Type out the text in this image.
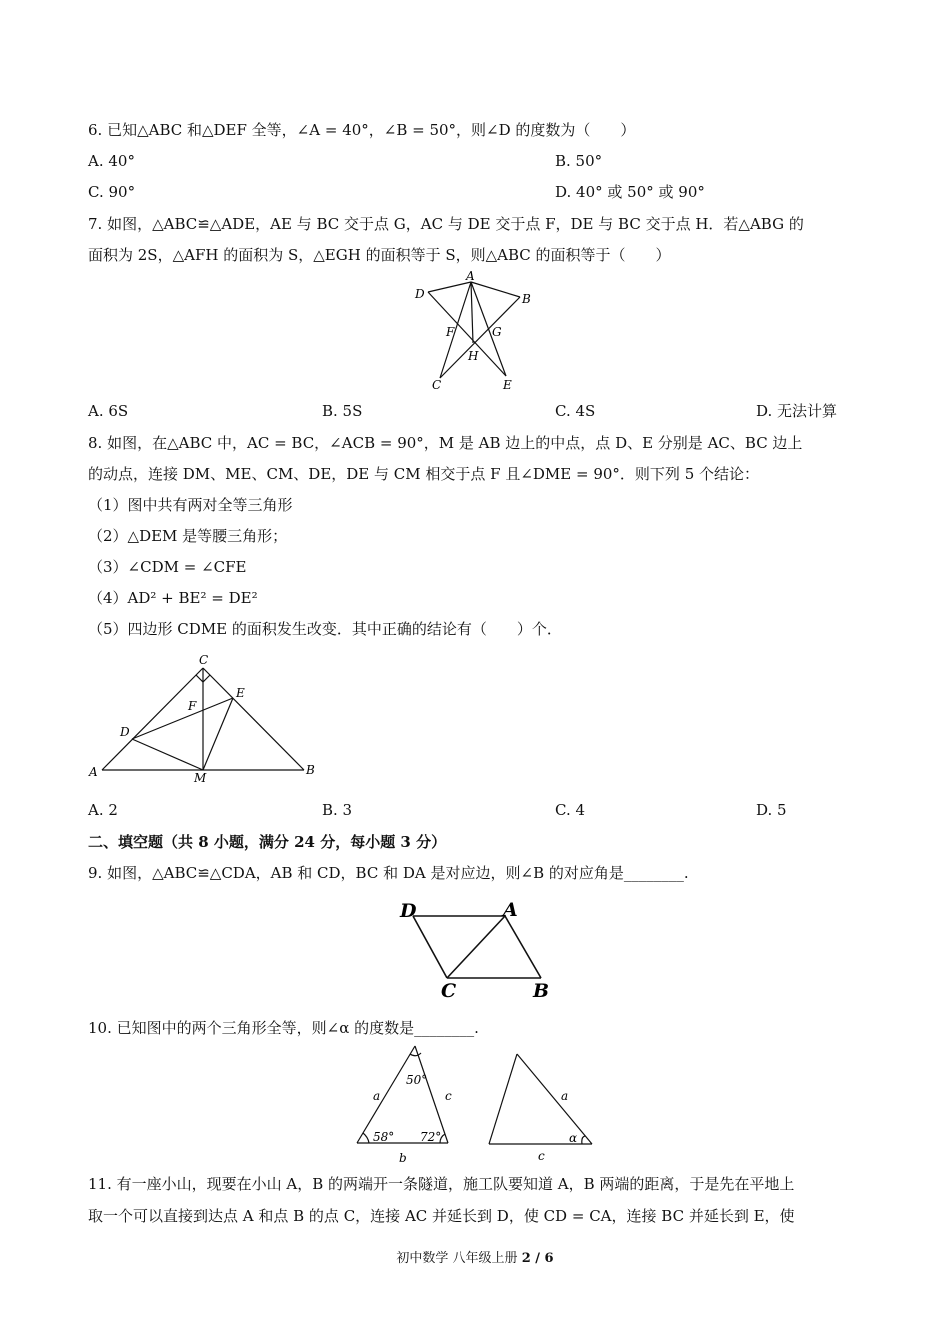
6. 已知△ABC 和△DEF 全等，∠A = 40°，∠B = 50°，则∠D 的度数为（　　）
A. 40°	B. 50°
C. 90°	D. 40° 或 50° 或 90°
7. 如图，△ABC≌△ADE，AE 与 BC 交于点 G，AC 与 DE 交于点 F，DE 与 BC 交于点 H．若△ABG 的
面积为 2S，△AFH 的面积为 S，△EGH 的面积等于 S，则△ABC 的面积等于（　　）
A
D	B
F	G
H
C	E
A. 6S	B. 5S	C. 4S	D. 无法计算
8. 如图，在△ABC 中，AC = BC，∠ACB = 90°，M 是 AB 边上的中点，点 D、E 分别是 AC、BC 边上
的动点，连接 DM、ME、CM、DE，DE 与 CM 相交于点 F 且∠DME = 90°．则下列 5 个结论：
（1）图中共有两对全等三角形
（2）△DEM 是等腰三角形；
（3）∠CDM = ∠CFE
（4）AD² + BE² = DE²
（5）四边形 CDME 的面积发生改变．其中正确的结论有（　　）个．
C
E
F
D
A	M
B
A. 2	B. 3	C. 4	D. 5
二、填空题（共 8 小题，满分 24 分，每小题 3 分）
9. 如图，△ABC≌△CDA，AB 和 CD，BC 和 DA 是对应边，则∠B 的对应角是________.
D	A
C	B
10. 已知图中的两个三角形全等，则∠α 的度数是________.
50°
58° 72°
a	c
b
a
c
α
11. 有一座小山，现要在小山 A，B 的两端开一条隧道，施工队要知道 A，B 两端的距离，于是先在平地上
取一个可以直接到达点 A 和点 B 的点 C，连接 AC 并延长到 D，使 CD = CA，连接 BC 并延长到 E，使
初中数学 八年级上册 2 / 6
